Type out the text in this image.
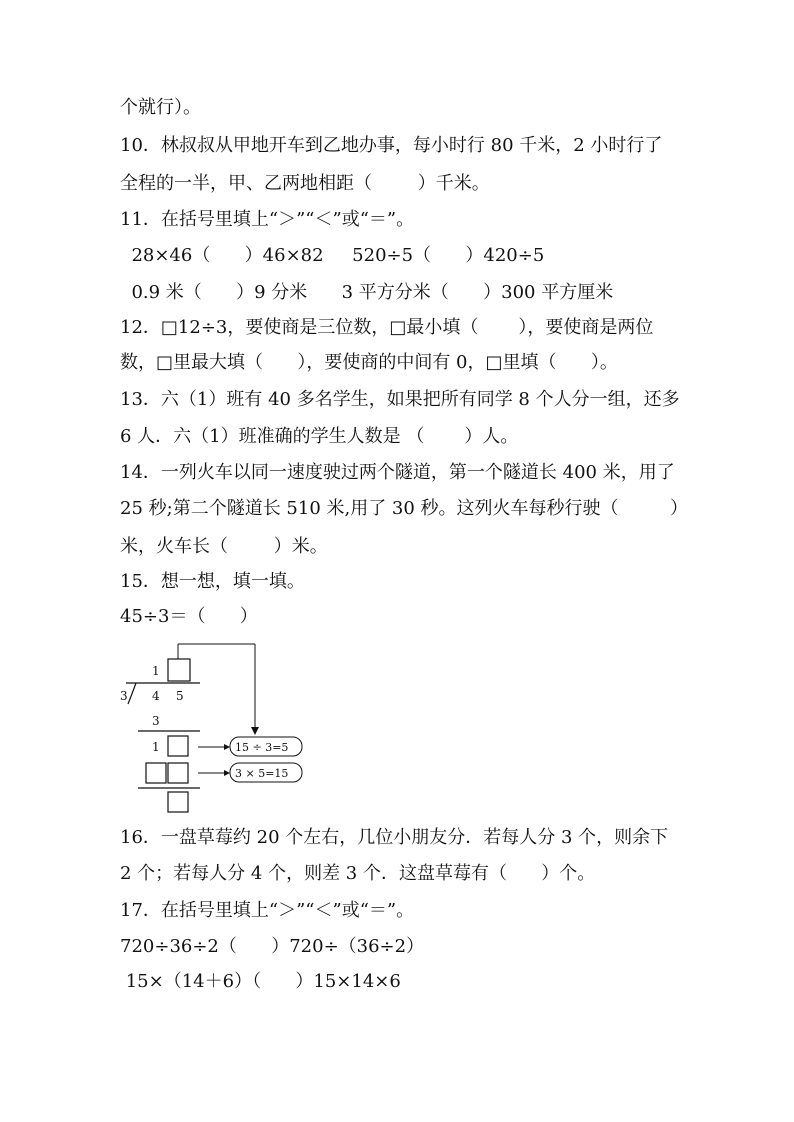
个就行）。
10．林叔叔从甲地开车到乙地办事，每小时行 80 千米，2 小时行了
全程的一半，甲、乙两地相距（        ）千米。
11．在括号里填上“＞”“＜”或“＝”。
28×46（      ）46×82     520÷5（      ）420÷5
0.9 米（      ）9 分米      3 平方分米（      ）300 平方厘米
12．□12÷3，要使商是三位数，□最小填（       ），要使商是两位
数，□里最大填（      ），要使商的中间有 0，□里填（      ）。
13．六（1）班有 40 多名学生，如果把所有同学 8 个人分一组，还多
6 人．六（1）班准确的学生人数是 （       ）人。
14．一列火车以同一速度驶过两个隧道，第一个隧道长 400 米，用了
25 秒;第二个隧道长 510 米,用了 30 秒。这列火车每秒行驶（         ）
米，火车长（        ）米。
15．想一想，填一填。
45÷3＝（      ）
16．一盘草莓约 20 个左右，几位小朋友分．若每人分 3 个，则余下
2 个；若每人分 4 个，则差 3 个．这盘草莓有（      ）个。
17．在括号里填上“＞”“＜”或“＝”。
720÷36÷2（      ）720÷（36÷2）
15×（14＋6）（      ）15×14×6
1
3 4 5
3
1	15 ÷ 3=5
3 × 5=15
